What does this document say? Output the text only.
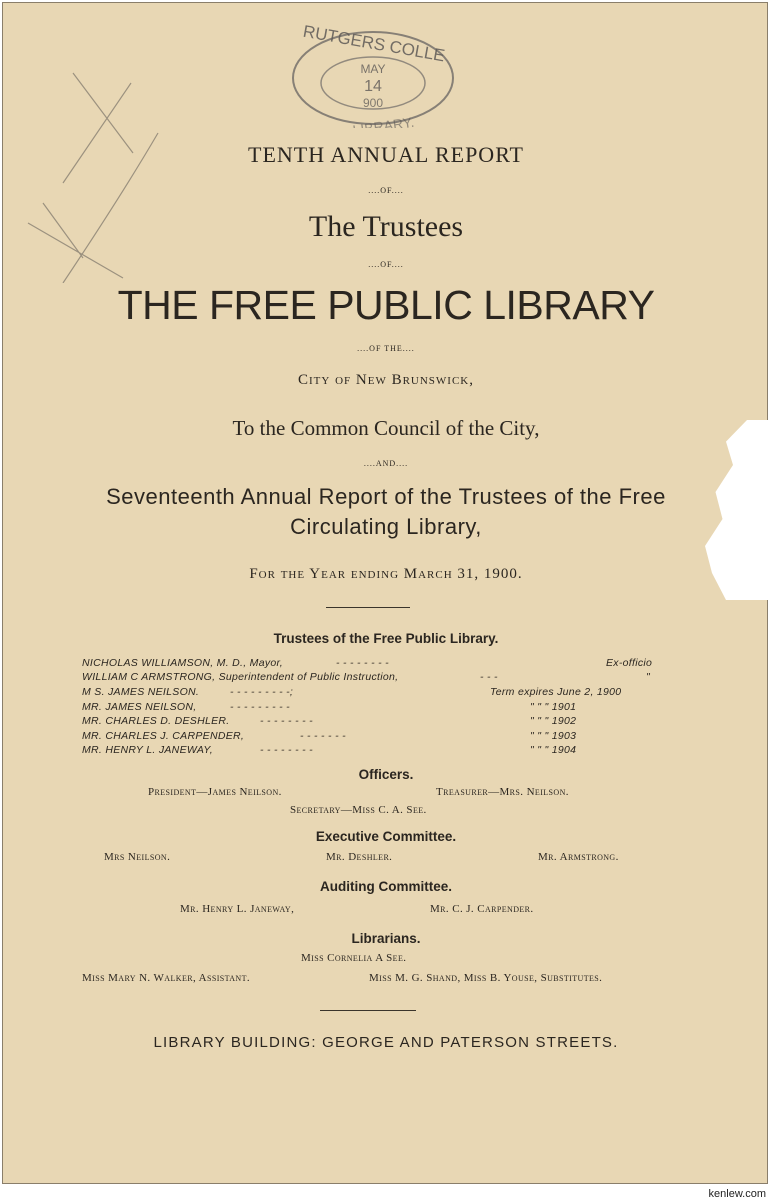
RUTGERS COLLE
MAY
14
900
LIBRARY.
TENTH ANNUAL REPORT
....OF....
The Trustees
....OF....
THE FREE PUBLIC LIBRARY
....OF THE....
City of New Brunswick,
To the Common Council of the City,
....AND....
Seventeenth Annual Report of the Trustees of the Free
Circulating Library,
For the Year ending March 31, 1900.
Trustees of the Free Public Library.
NICHOLAS WILLIAMSON, M. D., Mayor,	- - - - - - - -	Ex-officio
WILLIAM C ARMSTRONG, Superintendent of Public Instruction,	- - -	"
M S. JAMES NEILSON.	- - - - - - - - -;	Term expires June 2, 1900
MR. JAMES NEILSON,	- - - - - - - - -	" " " 1901
MR. CHARLES D. DESHLER.	- - - - - - - -	" " " 1902
MR. CHARLES J. CARPENDER,	- - - - - - -	" " " 1903
MR. HENRY L. JANEWAY,	- - - - - - - -	" " " 1904
Officers.
President—James Neilson.	Treasurer—Mrs. Neilson.
Secretary—Miss C. A. See.
Executive Committee.
Mrs Neilson.	Mr. Deshler.	Mr. Armstrong.
Auditing Committee.
Mr. Henry L. Janeway,	Mr. C. J. Carpender.
Librarians.
Miss Cornelia A See.
Miss Mary N. Walker, Assistant.	Miss M. G. Shand, Miss B. Youse, Substitutes.
LIBRARY BUILDING: GEORGE AND PATERSON STREETS.
kenlew.com
